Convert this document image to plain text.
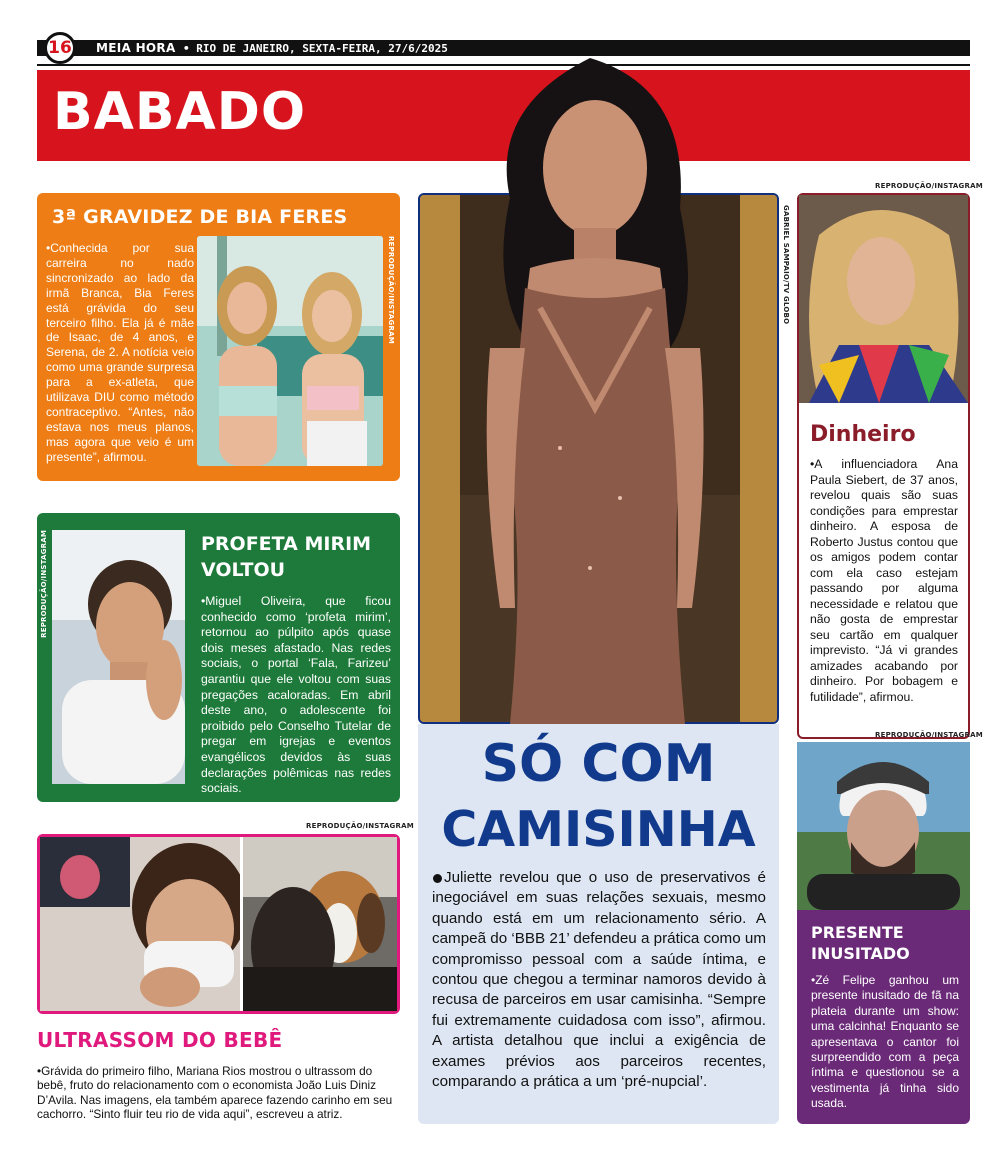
16	MEIA HORA • RIO DE JANEIRO, SEXTA-FEIRA, 27/6/2025
BABADO
3ª GRAVIDEZ DE BIA FERES
•Conhecida por sua carreira no nado sincronizado ao lado da irmã Branca, Bia Feres está grávida do seu terceiro filho. Ela já é mãe de Isaac, de 4 anos, e Serena, de 2. A notícia veio como uma grande surpresa para a ex-atleta, que utilizava DIU como método contraceptivo. “Antes, não estava nos meus planos, mas agora que veio é um presente”, afirmou.
REPRODUÇÃO/INSTAGRAM
REPRODUÇÃO/INSTAGRAM	PROFETA MIRIM VOLTOU
•Miguel Oliveira, que ficou conhecido como ‘profeta mirim’, retornou ao púlpito após quase dois meses afastado. Nas redes sociais, o portal ‘Fala, Farizeu’ garantiu que ele voltou com suas pregações acaloradas. Em abril deste ano, o adolescente foi proibido pelo Conselho Tutelar de pregar em igrejas e eventos evangélicos devidos às suas declarações polêmicas nas redes sociais.
REPRODUÇÃO/INSTAGRAM
ULTRASSOM DO BEBÊ
•Grávida do primeiro filho, Mariana Rios mostrou o ultrassom do bebê, fruto do relacionamento com o economista João Luis Diniz D’Avila. Nas imagens, ela também aparece fazendo carinho em seu cachorro. “Sinto fluir teu rio de vida aqui”, escreveu a atriz.
GABRIEL SAMPAIO/TV GLOBO
SÓ COM
CAMISINHA
Juliette revelou que o uso de preservativos é inegociável em suas relações sexuais, mesmo quando está em um relacionamento sério. A campeã do ‘BBB 21’ defendeu a prática como um compromisso pessoal com a saúde íntima, e contou que chegou a terminar namoros devido à recusa de parceiros em usar camisinha. “Sempre fui extremamente cuidadosa com isso”, afirmou. A artista detalhou que inclui a exigência de exames prévios aos parceiros recentes, comparando a prática a um ‘pré-nupcial’.
REPRODUÇÃO/INSTAGRAM
Dinheiro
•A influenciadora Ana Paula Siebert, de 37 anos, revelou quais são suas condições para emprestar dinheiro. A esposa de Roberto Justus contou que os amigos podem contar com ela caso estejam passando por alguma necessidade e relatou que não gosta de emprestar seu cartão em qualquer imprevisto. “Já vi grandes amizades acabando por dinheiro. Por bobagem e futilidade”, afirmou.
REPRODUÇÃO/INSTAGRAM
PRESENTE INUSITADO
•Zé Felipe ganhou um presente inusitado de fã na plateia durante um show: uma calcinha! Enquanto se apresentava o cantor foi surpreendido com a peça íntima e questionou se a vestimenta já tinha sido usada.
